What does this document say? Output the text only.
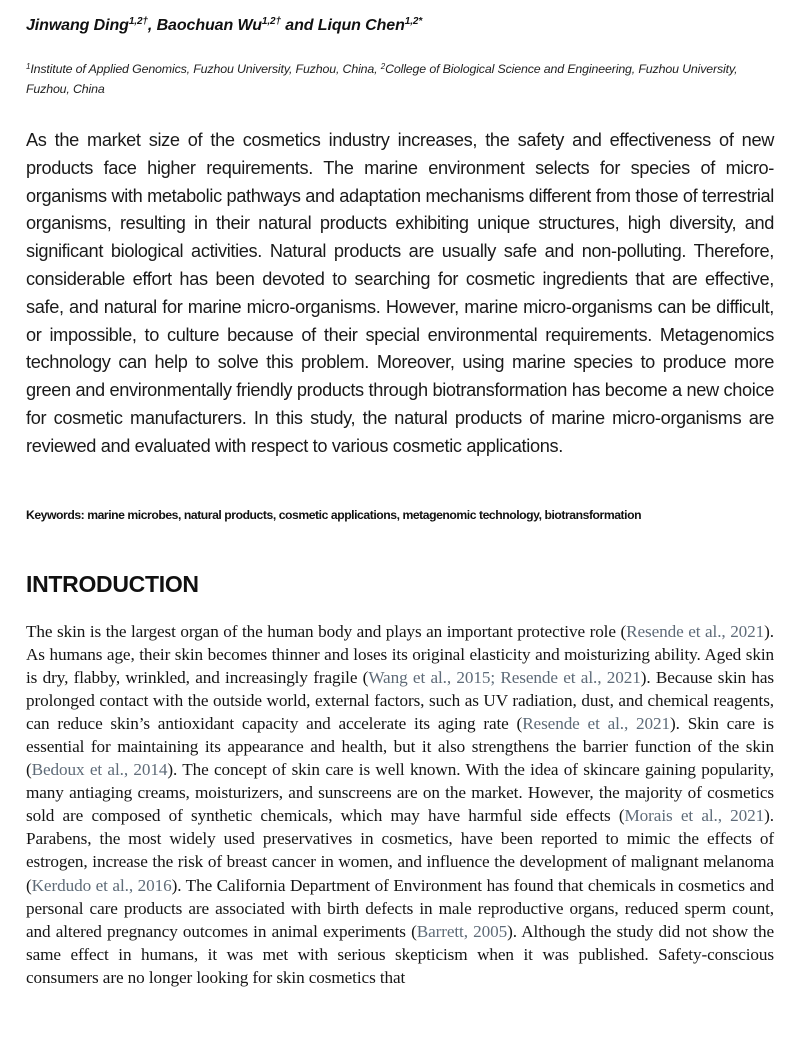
Jinwang Ding$^{1,2\dagger}$, Baochuan $Wu^{1,2\dagger}$ and Liqun Chen$^{1,2*}$
$^1$Institute of Applied Genomics, Fuzhou University, Fuzhou, China, $^2$College of Biological Science and Engineering, Fuzhou University, Fuzhou, China

As the market size of the cosmetics industry increases, the safety and effectiveness of new products face higher requirements. The marine environment selects for species of micro-organisms with metabolic pathways and adaptation mechanisms different from those of terrestrial organisms, resulting in their natural products exhibiting unique structures, high diversity, and significant biological activities. Natural products are usually safe and non-polluting. Therefore, considerable effort has been devoted to searching for cosmetic ingredients that are effective, safe, and natural for marine micro-organisms. However, marine micro-organisms can be difficult, or impossible, to culture because of their special environmental requirements. Metagenomics technology can help to solve this problem. Moreover, using marine species to produce more green and environmentally friendly products through biotransformation has become a new choice for cosmetic manufacturers. In this study, the natural products of marine micro-organisms are reviewed and evaluated with respect to various cosmetic applications.

Keywords: marine microbes, natural products, cosmetic applications, metagenomic technology, biotransformation
INTRODUCTION

The skin is the largest organ of the human body and plays an important protective role (Resende et al., 2021). As humans age, their skin becomes thinner and loses its original elasticity and moisturizing ability. Aged skin is dry, flabby, wrinkled, and increasingly fragile (Wang et al., 2015; Resende et al., 2021). Because skin has prolonged contact with the outside world, external factors, such as UV radiation, dust, and chemical reagents, can reduce skin’s antioxidant capacity and accelerate its aging rate (Resende et al., 2021). Skin care is essential for maintaining its appearance and health, but it also strengthens the barrier function of the skin (Bedoux et al., 2014). The concept of skin care is well known. With the idea of skincare gaining popularity, many antiaging creams, moisturizers, and sunscreens are on the market. However, the majority of cosmetics sold are composed of synthetic chemicals, which may have harmful side effects (Morais et al., 2021). Parabens, the most widely used preservatives in cosmetics, have been reported to mimic the effects of estrogen, increase the risk of breast cancer in women, and influence the development of malignant melanoma (Kerdudo et al., 2016). The California Department of Environment has found that chemicals in cosmetics and personal care products are associated with birth defects in male reproductive organs, reduced sperm count, and altered pregnancy outcomes in animal experiments (Barrett, 2005). Although the study did not show the same effect in humans, it was met with serious skepticism when it was published. Safety-conscious consumers are no longer looking for skin cosmetics that
